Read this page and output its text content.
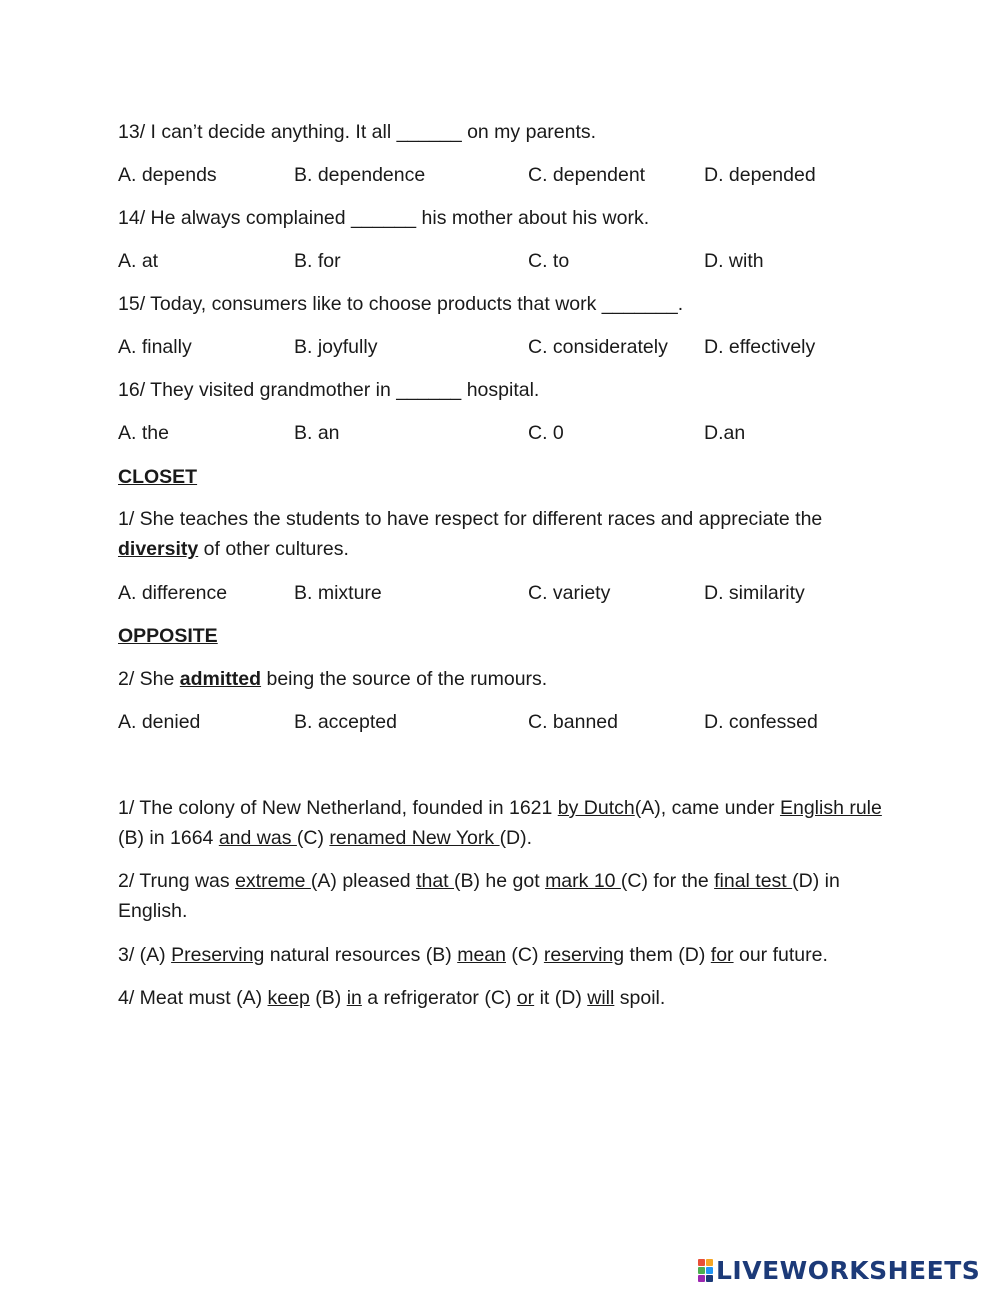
13/ I can’t decide anything. It all ______ on my parents.
A. depends	B. dependence	C. dependent	D. depended
14/ He always complained ______ his mother about his work.
A. at	B. for	C. to	D. with
15/ Today, consumers like to choose products that work _______.
A. finally	B. joyfully	C. considerately D. effectively
16/ They visited grandmother in ______ hospital.
A. the	B. an	C. 0	D.an
CLOSET
1/ She teaches the students to have respect for different races and appreciate the diversity of other cultures.
A. difference	B. mixture	C. variety	D. similarity
OPPOSITE
2/ She admitted being the source of the rumours.
A. denied	B. accepted	C. banned	D. confessed
1/ The colony of New Netherland, founded in 1621 by Dutch(A), came under English rule (B) in 1664 and was (C) renamed New York (D).
2/ Trung was extreme (A) pleased that (B) he got mark 10 (C) for the final test (D) in English.
3/ (A) Preserving natural resources (B) mean (C) reserving them (D) for our future.
4/ Meat must (A) keep (B) in a refrigerator (C) or it (D) will spoil.
LIVEWORKSHEETS
